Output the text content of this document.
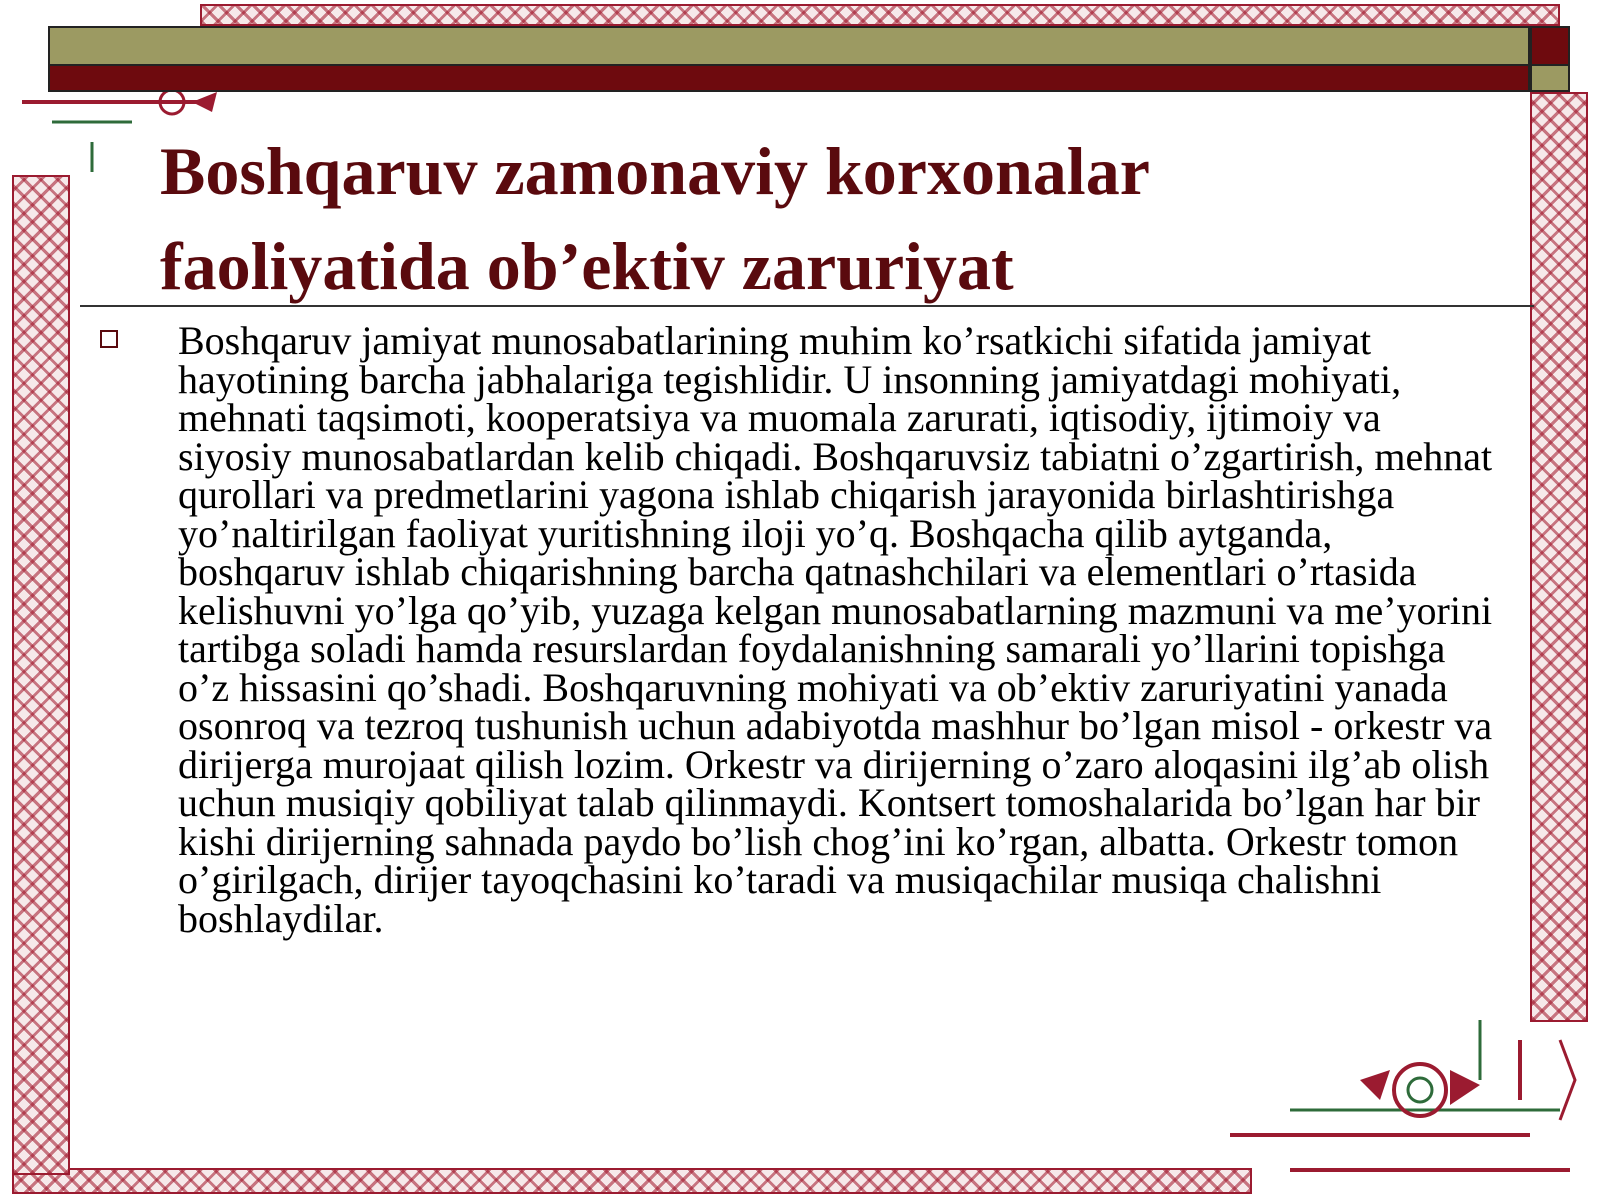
Boshqaruv zamonaviy korxonalar
faoliyatida ob’ektiv zaruriyat

Boshqaruv jamiyat munosabatlarining muhim ko’rsatkichi sifatida jamiyat hayotining barcha jabhalariga tegishlidir. U insonning jamiyatdagi mohiyati, mehnati taqsimoti, kooperatsiya va muomala zarurati, iqtisodiy, ijtimoiy va siyosiy munosabatlardan kelib chiqadi. Boshqaruvsiz tabiatni o’zgartirish, mehnat qurollari va predmetlarini yagona ishlab chiqarish jarayonida birlashtirishga yo’naltirilgan faoliyat yuritishning iloji yo’q. Boshqacha qilib aytganda, boshqaruv ishlab chiqarishning barcha qatnashchilari va elementlari o’rtasida kelishuvni yo’lga qo’yib, yuzaga kelgan munosabatlarning mazmuni va me’yorini tartibga soladi hamda resurslardan foydalanishning samarali yo’llarini topishga o’z hissasini qo’shadi. Boshqaruvning mohiyati va ob’ektiv zaruriyatini yanada osonroq va tezroq tushunish uchun adabiyotda mashhur bo’lgan misol - orkestr va dirijerga murojaat qilish lozim. Orkestr va dirijerning o’zaro aloqasini ilg’ab olish uchun musiqiy qobiliyat talab qilinmaydi. Kontsert tomoshalarida bo’lgan har bir kishi dirijerning sahnada paydo bo’lish chog’ini ko’rgan, albatta. Orkestr tomon o’girilgach, dirijer tayoqchasini ko’taradi va musiqachilar musiqa chalishni boshlaydilar.
